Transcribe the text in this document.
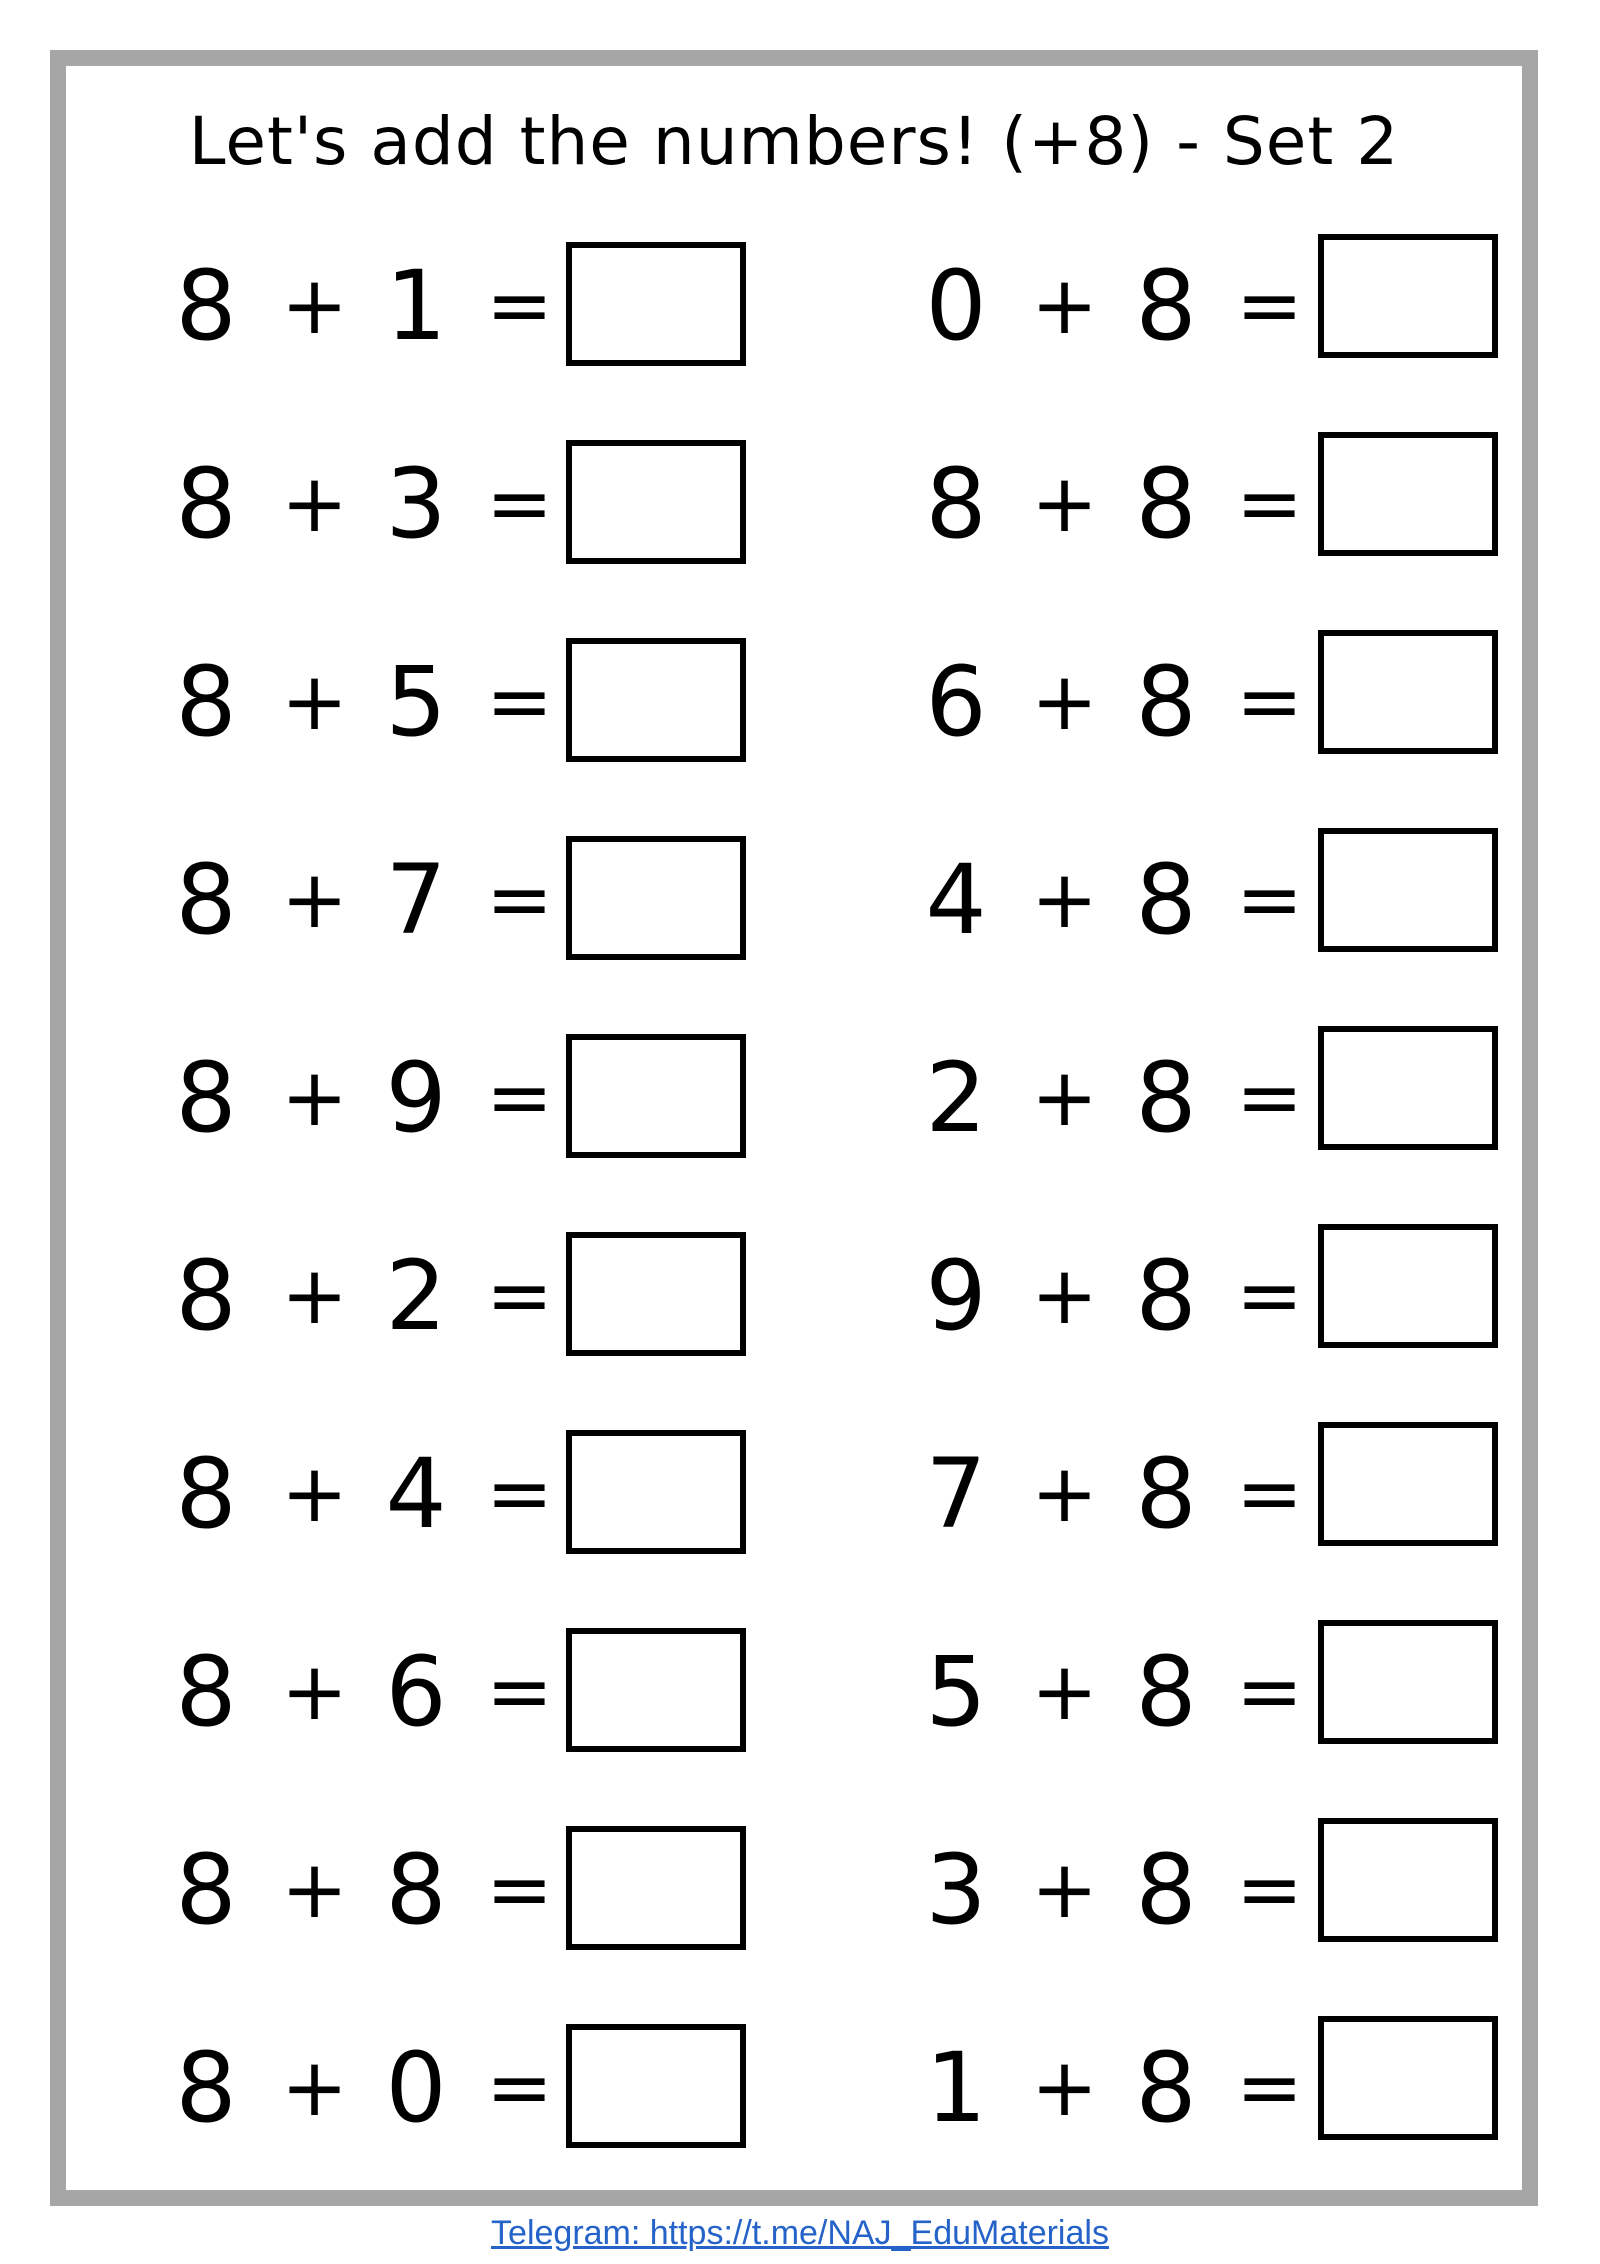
Let's add the numbers! (+8) - Set 2
8 + 1 =
8 + 3 =
8 + 5 =
8 + 7 =
8 + 9 =
8 + 2 =
8 + 4 =
8 + 6 =
8 + 8 =
8 + 0 =
0 + 8 =
8 + 8 =
6 + 8 =
4 + 8 =
2 + 8 =
9 + 8 =
7 + 8 =
5 + 8 =
3 + 8 =
1 + 8 =
Telegram: https://t.me/NAJ_EduMaterials
